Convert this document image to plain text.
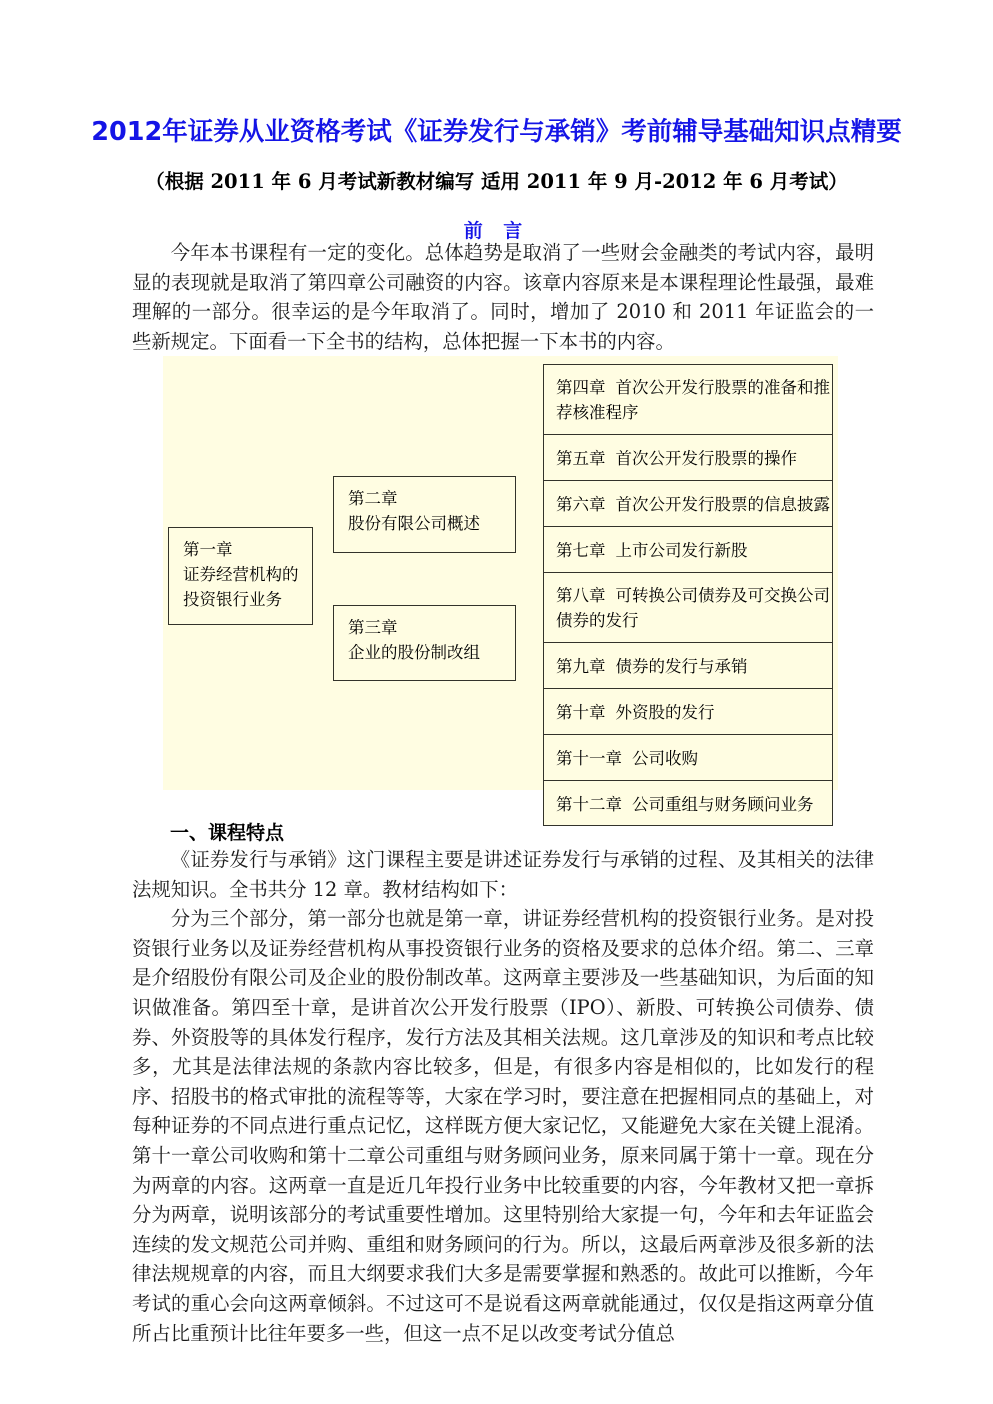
2012年证券从业资格考试《证券发行与承销》考前辅导基础知识点精要
（根据 2011 年 6 月考试新教材编写 适用 2011 年 9 月-2012 年 6 月考试）
前 言

今年本书课程有一定的变化。总体趋势是取消了一些财会金融类的考试内容，最明显的表现就是取消了第四章公司融资的内容。该章内容原来是本课程理论性最强，最难理解的一部分。很幸运的是今年取消了。同时，增加了 2010 和 2011 年证监会的一些新规定。下面看一下全书的结构，总体把握一下本书的内容。

第一章
证券经营机构的
投资银行业务
第二章
股份有限公司概述
第三章
企业的股份制改组
第四章 首次公开发行股票的准备和推
荐核准程序
第五章 首次公开发行股票的操作
第六章 首次公开发行股票的信息披露
第七章 上市公司发行新股
第八章 可转换公司债券及可交换公司
债券的发行
第九章 债券的发行与承销
第十章 外资股的发行
第十一章 公司收购
第十二章 公司重组与财务顾问业务
一、课程特点

《证券发行与承销》这门课程主要是讲述证券发行与承销的过程、及其相关的法律法规知识。全书共分 12 章。教材结构如下：

分为三个部分，第一部分也就是第一章，讲证券经营机构的投资银行业务。是对投资银行业务以及证券经营机构从事投资银行业务的资格及要求的总体介绍。第二、三章是介绍股份有限公司及企业的股份制改革。这两章主要涉及一些基础知识，为后面的知识做准备。第四至十章，是讲首次公开发行股票（IPO）、新股、可转换公司债券、债券、外资股等的具体发行程序，发行方法及其相关法规。这几章涉及的知识和考点比较多，尤其是法律法规的条款内容比较多，但是，有很多内容是相似的，比如发行的程序、招股书的格式审批的流程等等，大家在学习时，要注意在把握相同点的基础上，对每种证券的不同点进行重点记忆，这样既方便大家记忆，又能避免大家在关键上混淆。第十一章公司收购和第十二章公司重组与财务顾问业务，原来同属于第十一章。现在分为两章的内容。这两章一直是近几年投行业务中比较重要的内容，今年教材又把一章拆分为两章，说明该部分的考试重要性增加。这里特别给大家提一句，今年和去年证监会连续的发文规范公司并购、重组和财务顾问的行为。所以，这最后两章涉及很多新的法律法规规章的内容，而且大纲要求我们大多是需要掌握和熟悉的。故此可以推断，今年考试的重心会向这两章倾斜。不过这可不是说看这两章就能通过，仅仅是指这两章分值所占比重预计比往年要多一些，但这一点不足以改变考试分值总
